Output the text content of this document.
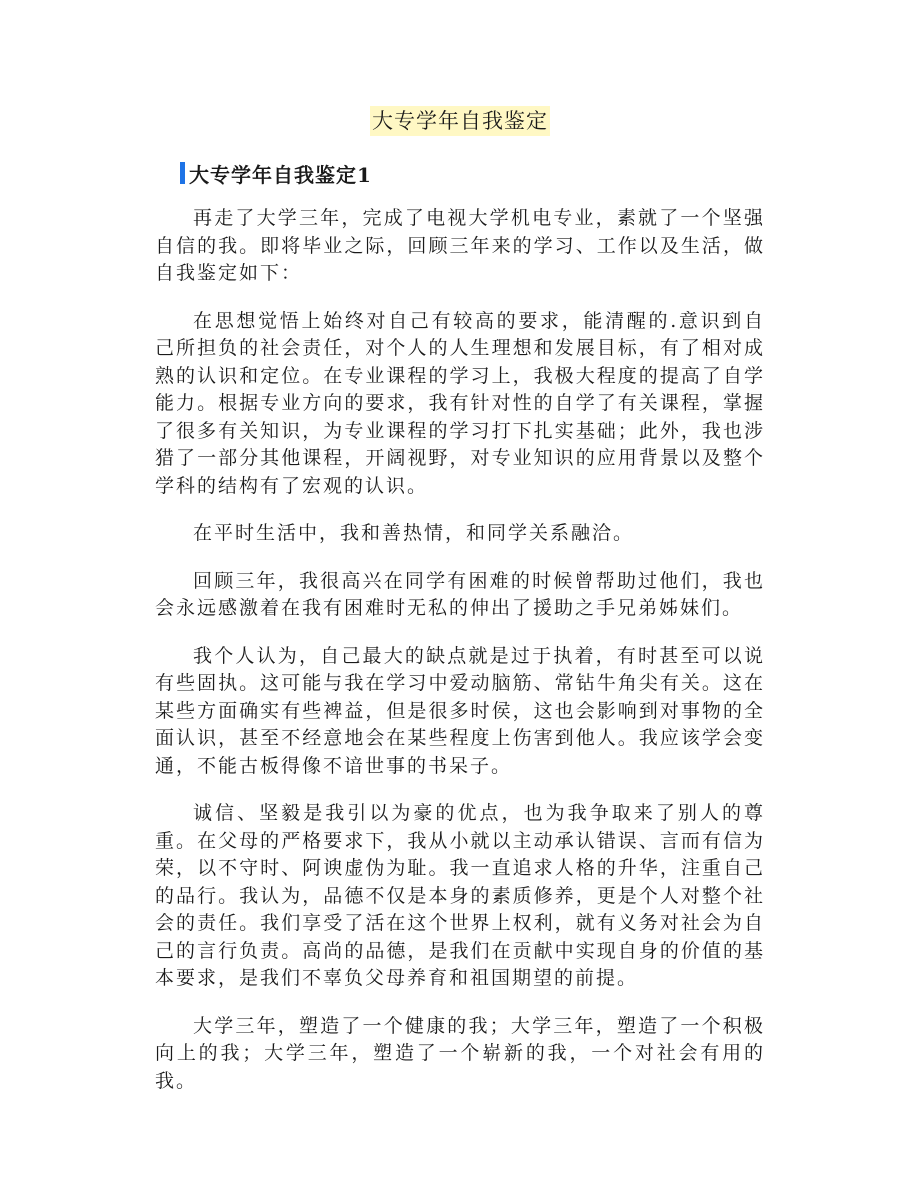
大专学年自我鉴定
大专学年自我鉴定1

再走了大学三年，完成了电视大学机电专业，素就了一个坚强自信的我。即将毕业之际，回顾三年来的学习、工作以及生活，做自我鉴定如下：

在思想觉悟上始终对自己有较高的要求，能清醒的.意识到自己所担负的社会责任，对个人的人生理想和发展目标，有了相对成熟的认识和定位。在专业课程的学习上，我极大程度的提高了自学能力。根据专业方向的要求，我有针对性的自学了有关课程，掌握了很多有关知识，为专业课程的学习打下扎实基础；此外，我也涉猎了一部分其他课程，开阔视野，对专业知识的应用背景以及整个学科的结构有了宏观的认识。

在平时生活中，我和善热情，和同学关系融洽。

回顾三年，我很高兴在同学有困难的时候曾帮助过他们，我也会永远感激着在我有困难时无私的伸出了援助之手兄弟姊妹们。

我个人认为，自己最大的缺点就是过于执着，有时甚至可以说有些固执。这可能与我在学习中爱动脑筋、常钻牛角尖有关。这在某些方面确实有些裨益，但是很多时侯，这也会影响到对事物的全面认识，甚至不经意地会在某些程度上伤害到他人。我应该学会变通，不能古板得像不谙世事的书呆子。

诚信、坚毅是我引以为豪的优点，也为我争取来了别人的尊重。在父母的严格要求下，我从小就以主动承认错误、言而有信为荣，以不守时、阿谀虚伪为耻。我一直追求人格的升华，注重自己的品行。我认为，品德不仅是本身的素质修养，更是个人对整个社会的责任。我们享受了活在这个世界上权利，就有义务对社会为自己的言行负责。高尚的品德，是我们在贡献中实现自身的价值的基本要求，是我们不辜负父母养育和祖国期望的前提。

大学三年，塑造了一个健康的我；大学三年，塑造了一个积极向上的我；大学三年，塑造了一个崭新的我，一个对社会有用的我。
